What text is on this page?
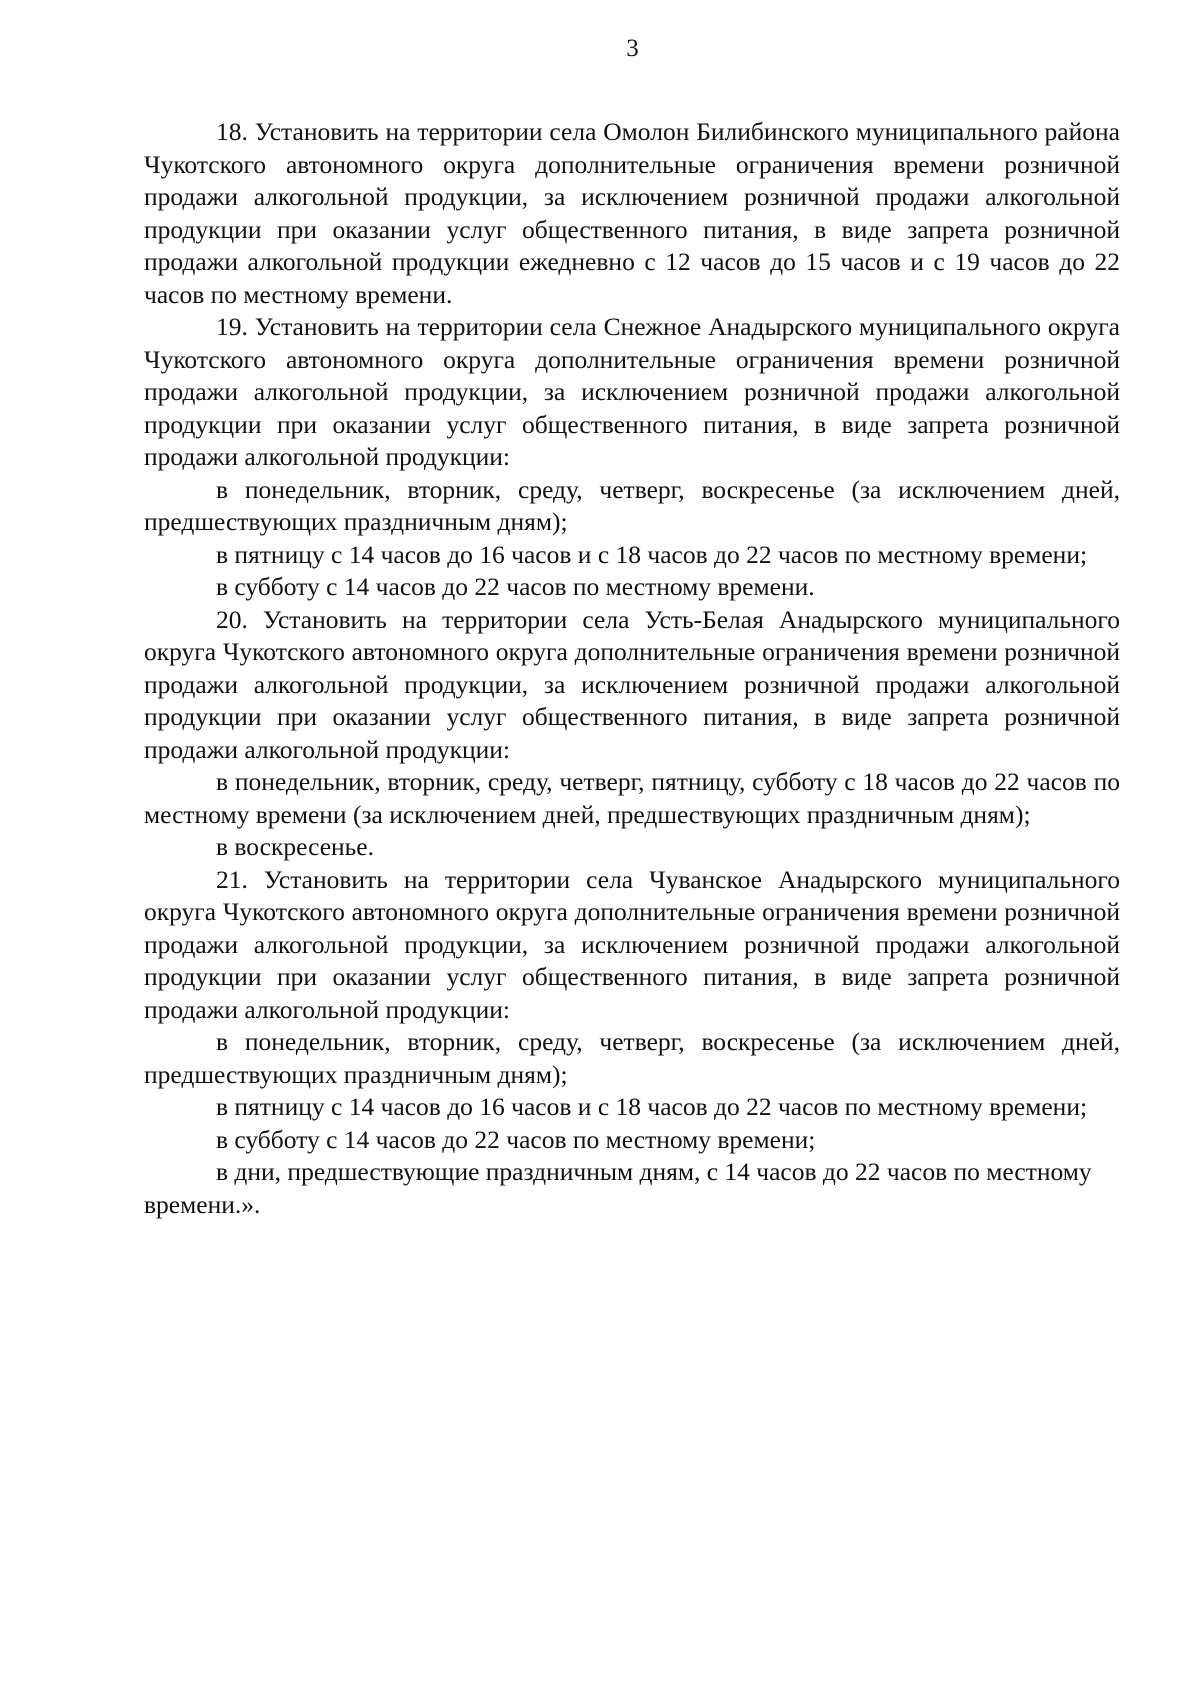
3

18. Установить на территории села Омолон Билибинского муниципального района Чукотского автономного округа дополнительные ограничения времени розничной продажи алкогольной продукции, за исключением розничной продажи алкогольной продукции при оказании услуг общественного питания, в виде запрета розничной продажи алкогольной продукции ежедневно с 12 часов до 15 часов и с 19 часов до 22 часов по местному времени.

19. Установить на территории села Снежное Анадырского муниципального округа Чукотского автономного округа дополнительные ограничения времени розничной продажи алкогольной продукции, за исключением розничной продажи алкогольной продукции при оказании услуг общественного питания, в виде запрета розничной продажи алкогольной продукции:

в понедельник, вторник, среду, четверг, воскресенье (за исключением дней, предшествующих праздничным дням);

в пятницу с 14 часов до 16 часов и с 18 часов до 22 часов по местному времени;

в субботу с 14 часов до 22 часов по местному времени.

20. Установить на территории села Усть-Белая Анадырского муниципального округа Чукотского автономного округа дополнительные ограничения времени розничной продажи алкогольной продукции, за исключением розничной продажи алкогольной продукции при оказании услуг общественного питания, в виде запрета розничной продажи алкогольной продукции:

в понедельник, вторник, среду, четверг, пятницу, субботу с 18 часов до 22 часов по местному времени (за исключением дней, предшествующих праздничным дням);

в воскресенье.

21. Установить на территории села Чуванское Анадырского муниципального округа Чукотского автономного округа дополнительные ограничения времени розничной продажи алкогольной продукции, за исключением розничной продажи алкогольной продукции при оказании услуг общественного питания, в виде запрета розничной продажи алкогольной продукции:

в понедельник, вторник, среду, четверг, воскресенье (за исключением дней, предшествующих праздничным дням);

в пятницу с 14 часов до 16 часов и с 18 часов до 22 часов по местному времени;

в субботу с 14 часов до 22 часов по местному времени;

в дни, предшествующие праздничным дням, с 14 часов до 22 часов по местному времени.».
